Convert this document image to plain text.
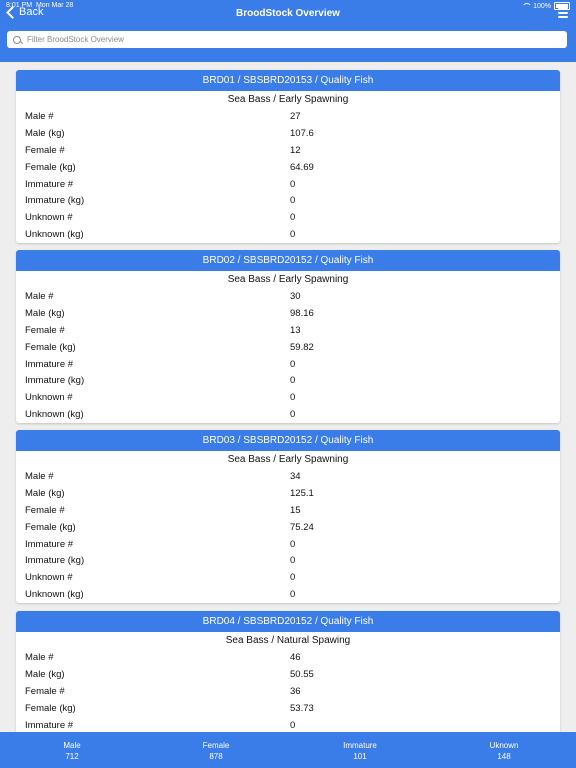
8:01 PM Mon Mar 28	100%
Back	BroodStock Overview
Filter BroodStock Overview
BRD01 / SBSBRD20153 / Quality Fish
Sea Bass / Early Spawning
Male #	27
Male (kg)	107.6
Female #	12
Female (kg)	64.69
Immature #	0
Immature (kg)	0
Unknown #	0
Unknown (kg)	0
BRD02 / SBSBRD20152 / Quality Fish
Sea Bass / Early Spawning
Male #	30
Male (kg)	98.16
Female #	13
Female (kg)	59.82
Immature #	0
Immature (kg)	0
Unknown #	0
Unknown (kg)	0
BRD03 / SBSBRD20152 / Quality Fish
Sea Bass / Early Spawning
Male #	34
Male (kg)	125.1
Female #	15
Female (kg)	75.24
Immature #	0
Immature (kg)	0
Unknown #	0
Unknown (kg)	0
BRD04 / SBSBRD20152 / Quality Fish
Sea Bass / Natural Spawing
Male #	46
Male (kg)	50.55
Female #	36
Female (kg)	53.73
Immature #	0
Male
712
Female
878
Immature
101
Uknown
148
